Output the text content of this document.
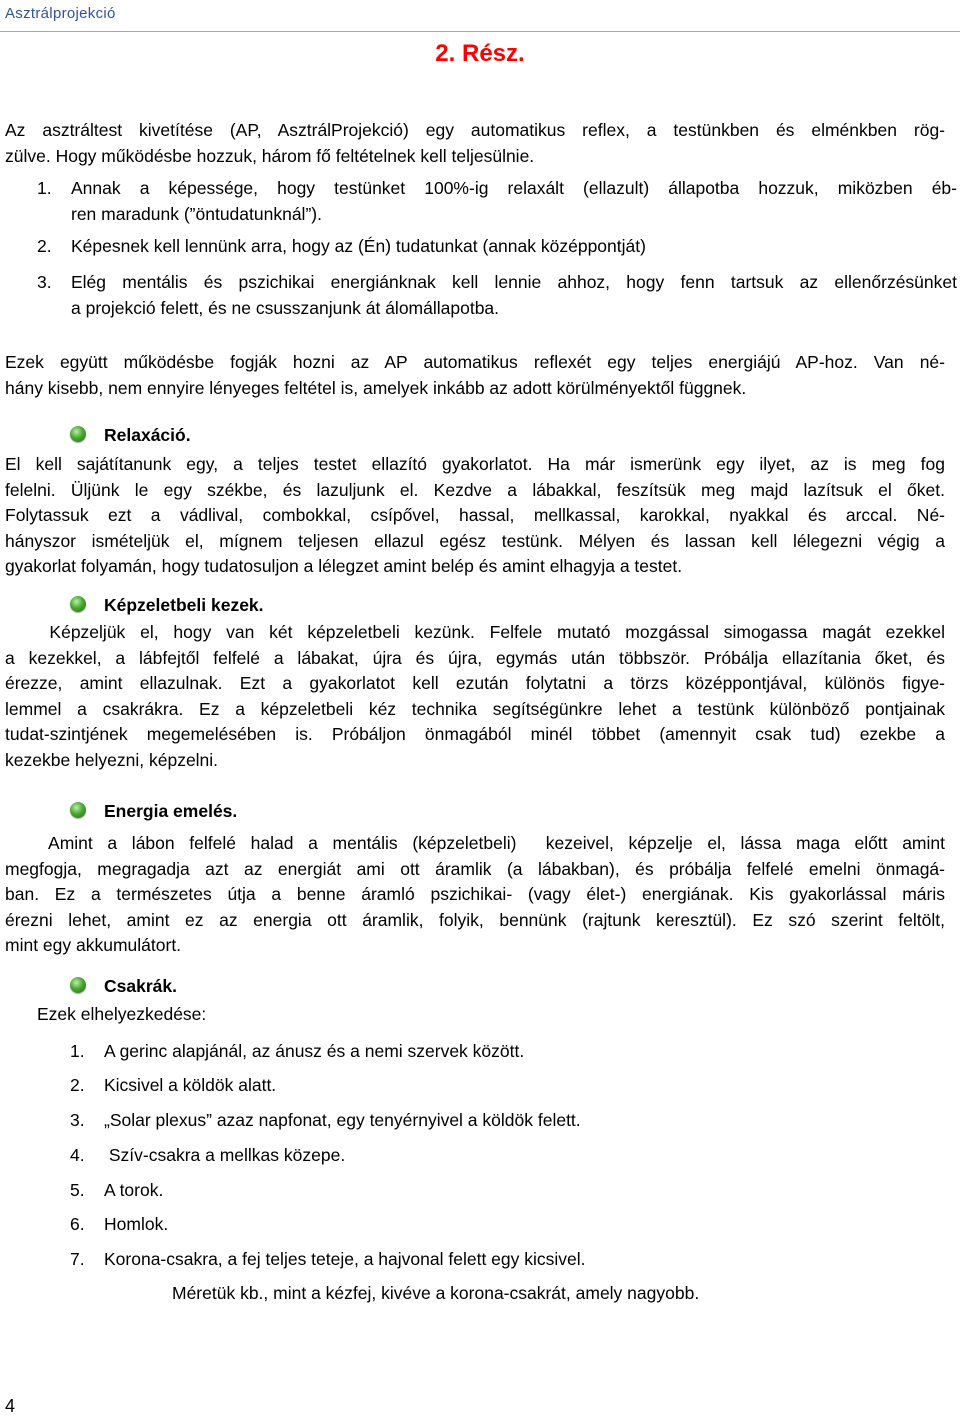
Asztrálprojekció
2. Rész.
Az asztráltest kivetítése (AP, AsztrálProjekció) egy automatikus reflex, a testünkben és elménkben rög-
zülve. Hogy működésbe hozzuk, három fő feltételnek kell teljesülnie.
1. Annak a képessége, hogy testünket 100%-ig relaxált (ellazult) állapotba hozzuk, miközben éb-
ren maradunk (”öntudatunknál”).
2. Képesnek kell lennünk arra, hogy az (Én) tudatunkat (annak középpontját)
3. Elég mentális és pszichikai energiánknak kell lennie ahhoz, hogy fenn tartsuk az ellenőrzésünket
a projekció felett, és ne csusszanjunk át álomállapotba.
Ezek együtt működésbe fogják hozni az AP automatikus reflexét egy teljes energiájú AP-hoz. Van né-
hány kisebb, nem ennyire lényeges feltétel is, amelyek inkább az adott körülményektől függnek.
Relaxáció.
El kell sajátítanunk egy, a teljes testet ellazító gyakorlatot. Ha már ismerünk egy ilyet, az is meg fog
felelni. Üljünk le egy székbe, és lazuljunk el. Kezdve a lábakkal, feszítsük meg majd lazítsuk el őket.
Folytassuk ezt a vádlival, combokkal, csípővel, hassal, mellkassal, karokkal, nyakkal és arccal. Né-
hányszor ismételjük el, mígnem teljesen ellazul egész testünk. Mélyen és lassan kell lélegezni végig a
gyakorlat folyamán, hogy tudatosuljon a lélegzet amint belép és amint elhagyja a testet.
Képzeletbeli kezek.
Képzeljük el, hogy van két képzeletbeli kezünk. Felfele mutató mozgással simogassa magát ezekkel
a kezekkel, a lábfejtől felfelé a lábakat, újra és újra, egymás után többször. Próbálja ellazítania őket, és
érezze, amint ellazulnak. Ezt a gyakorlatot kell ezután folytatni a törzs középpontjával, különös figye-
lemmel a csakrákra. Ez a képzeletbeli kéz technika segítségünkre lehet a testünk különböző pontjainak
tudat-szintjének megemelésében is. Próbáljon önmagából minél többet (amennyit csak tud) ezekbe a
kezekbe helyezni, képzelni.
Energia emelés.
Amint a lábon felfelé halad a mentális (képzeletbeli)  kezeivel, képzelje el, lássa maga előtt amint
megfogja, megragadja azt az energiát ami ott áramlik (a lábakban), és próbálja felfelé emelni önmagá-
ban. Ez a természetes útja a benne áramló pszichikai- (vagy élet-) energiának. Kis gyakorlással máris
érezni lehet, amint ez az energia ott áramlik, folyik, bennünk (rajtunk keresztül). Ez szó szerint feltölt,
mint egy akkumulátort.
Csakrák.
Ezek elhelyezkedése:
1. A gerinc alapjánál, az ánusz és a nemi szervek között.
2. Kicsivel a köldök alatt.
3. „Solar plexus” azaz napfonat, egy tenyérnyivel a köldök felett.
4. Szív-csakra a mellkas közepe.
5. A torok.
6. Homlok.
7. Korona-csakra, a fej teljes teteje, a hajvonal felett egy kicsivel.
Méretük kb., mint a kézfej, kivéve a korona-csakrát, amely nagyobb.
4
